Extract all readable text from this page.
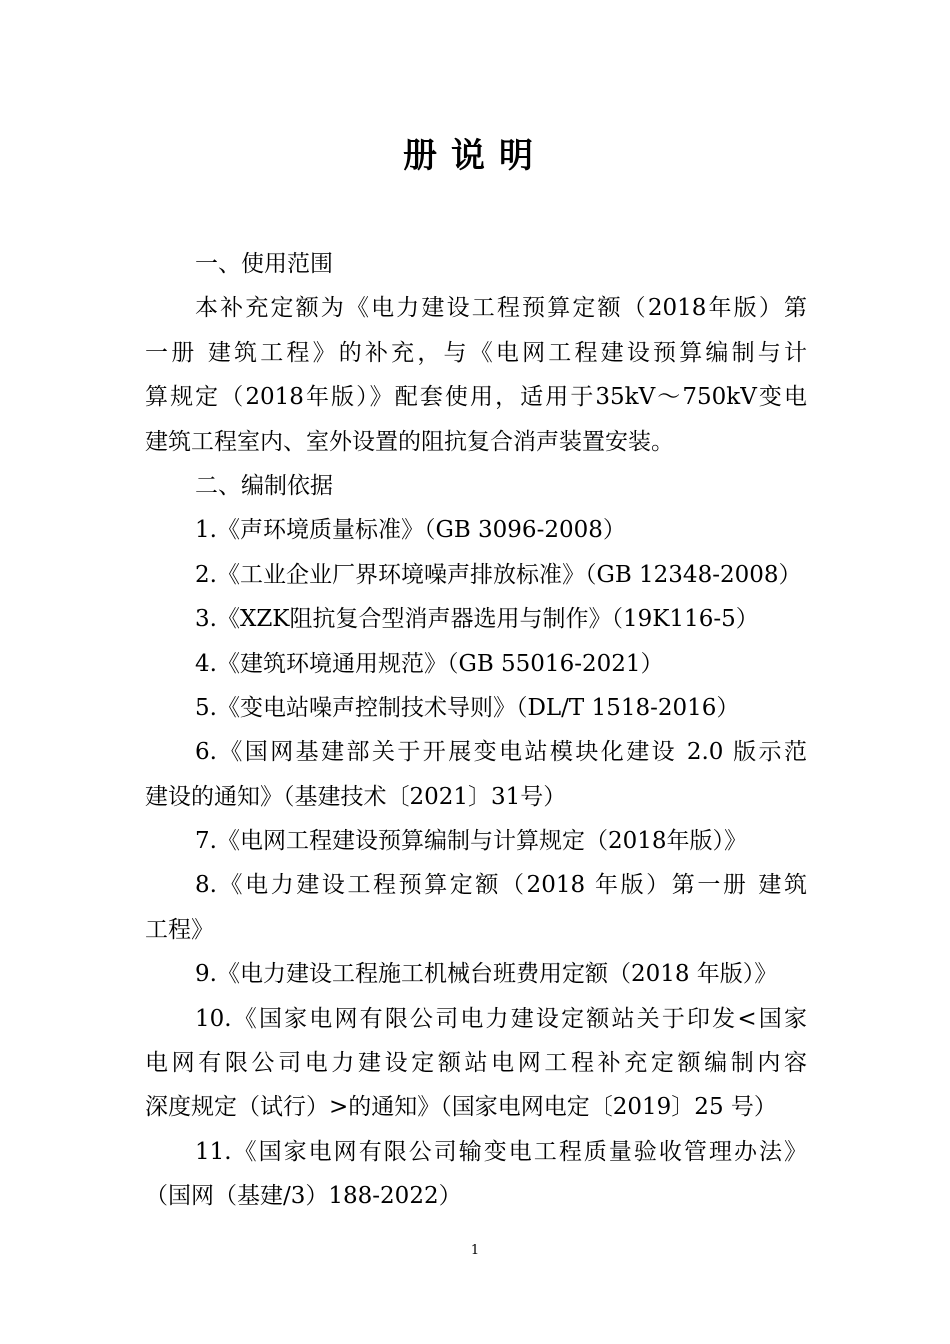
册说明
一、使用范围
本补充定额为《电力建设工程预算定额（2018年版）第
一册 建筑工程》的补充，与《电网工程建设预算编制与计
算规定（2018年版）》配套使用，适用于35kV～750kV变电
建筑工程室内、室外设置的阻抗复合消声装置安装。
二、编制依据
1.《声环境质量标准》（GB 3096-2008）
2.《工业企业厂界环境噪声排放标准》（GB 12348-2008）
3.《XZK阻抗复合型消声器选用与制作》（19K116-5）
4.《建筑环境通用规范》（GB 55016-2021）
5.《变电站噪声控制技术导则》（DL/T 1518-2016）
6.《国网基建部关于开展变电站模块化建设 2.0 版示范
建设的通知》（基建技术〔2021〕31号）
7.《电网工程建设预算编制与计算规定（2018年版）》
8.《电力建设工程预算定额（2018 年版）第一册 建筑
工程》
9.《电力建设工程施工机械台班费用定额（2018 年版）》
10.《国家电网有限公司电力建设定额站关于印发<国家
电网有限公司电力建设定额站电网工程补充定额编制内容
深度规定（试行）>的通知》（国家电网电定〔2019〕25 号）
11.《国家电网有限公司输变电工程质量验收管理办法》
（国网（基建/3）188-2022）
1
